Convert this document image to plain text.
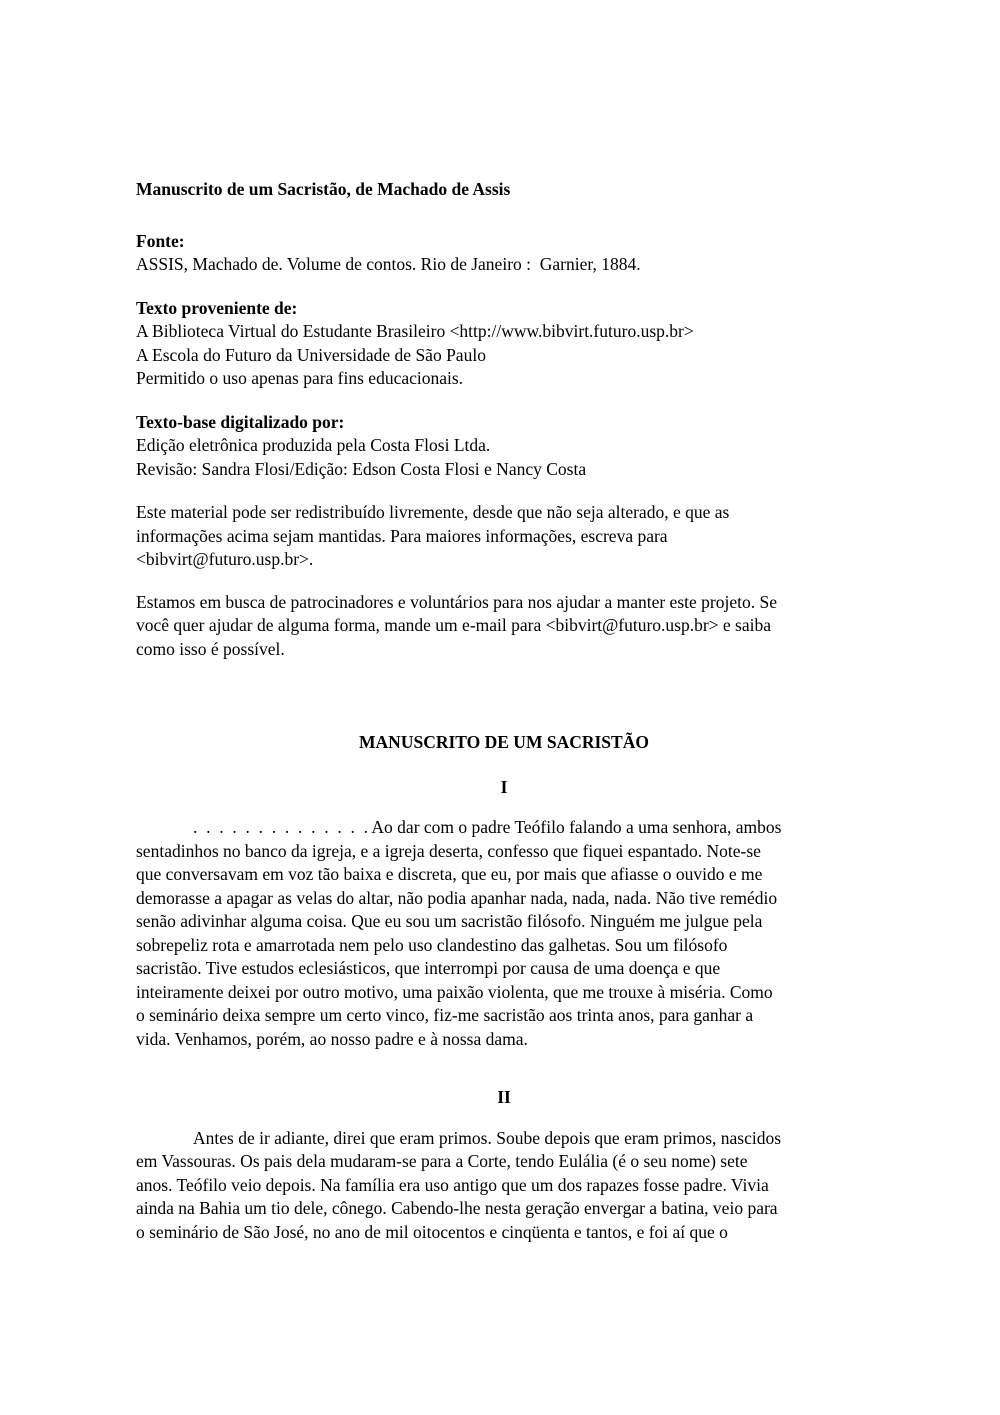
Manuscrito de um Sacristão, de Machado de Assis
Fonte:
ASSIS, Machado de. Volume de contos. Rio de Janeiro :  Garnier, 1884.
Texto proveniente de:
A Biblioteca Virtual do Estudante Brasileiro <http://www.bibvirt.futuro.usp.br>
A Escola do Futuro da Universidade de São Paulo
Permitido o uso apenas para fins educacionais.
Texto-base digitalizado por:
Edição eletrônica produzida pela Costa Flosi Ltda.
Revisão: Sandra Flosi/Edição: Edson Costa Flosi e Nancy Costa
Este material pode ser redistribuído livremente, desde que não seja alterado, e que as
informações acima sejam mantidas. Para maiores informações, escreva para
<bibvirt@futuro.usp.br>.
Estamos em busca de patrocinadores e voluntários para nos ajudar a manter este projeto. Se
você quer ajudar de alguma forma, mande um e-mail para <bibvirt@futuro.usp.br> e saiba
como isso é possível.
MANUSCRITO DE UM SACRISTÃO
I
.  .  .  .  .  .  .  .  .  .  .  .  .  . Ao dar com o padre Teófilo falando a uma senhora, ambos
sentadinhos no banco da igreja, e a igreja deserta, confesso que fiquei espantado. Note-se
que conversavam em voz tão baixa e discreta, que eu, por mais que afiasse o ouvido e me
demorasse a apagar as velas do altar, não podia apanhar nada, nada, nada. Não tive remédio
senão adivinhar alguma coisa. Que eu sou um sacristão filósofo. Ninguém me julgue pela
sobrepeliz rota e amarrotada nem pelo uso clandestino das galhetas. Sou um filósofo
sacristão. Tive estudos eclesiásticos, que interrompi por causa de uma doença e que
inteiramente deixei por outro motivo, uma paixão violenta, que me trouxe à miséria. Como
o seminário deixa sempre um certo vinco, fiz-me sacristão aos trinta anos, para ganhar a
vida. Venhamos, porém, ao nosso padre e à nossa dama.
II
Antes de ir adiante, direi que eram primos. Soube depois que eram primos, nascidos
em Vassouras. Os pais dela mudaram-se para a Corte, tendo Eulália (é o seu nome) sete
anos. Teófilo veio depois. Na família era uso antigo que um dos rapazes fosse padre. Vivia
ainda na Bahia um tio dele, cônego. Cabendo-lhe nesta geração envergar a batina, veio para
o seminário de São José, no ano de mil oitocentos e cinqüenta e tantos, e foi aí que o
